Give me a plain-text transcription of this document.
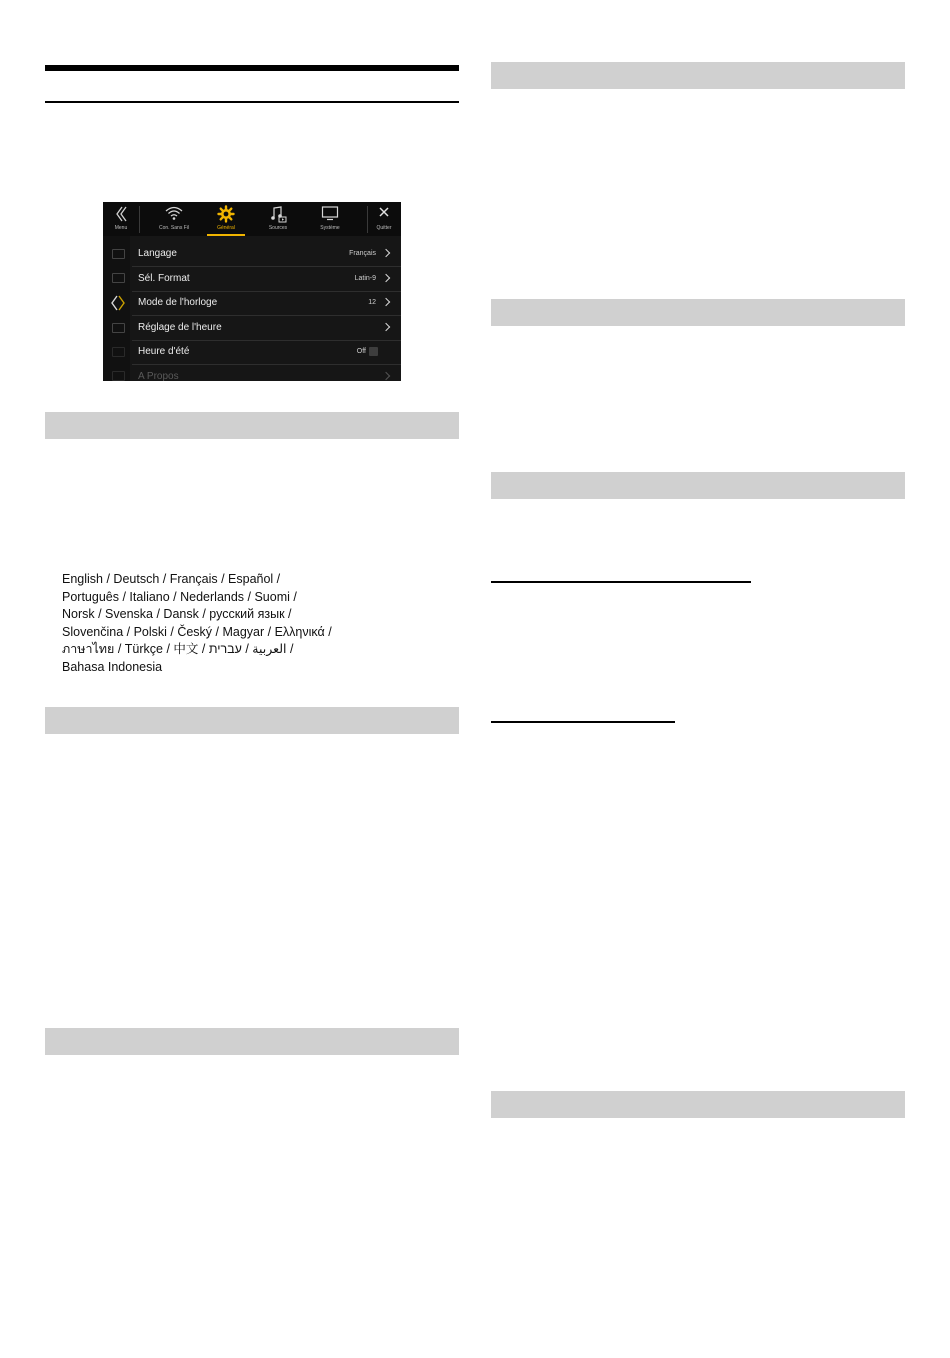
Menu	Con. Sans Fil	Général	Sources	Système	Quitter
Langage	Français
Sél. Format	Latin-9
Mode de l'horloge	12
Réglage de l'heure
Heure d'été	Off
A Propos
English / Deutsch / Français / Español /
Português / Italiano / Nederlands / Suomi /
Norsk / Svenska / Dansk / русский язык /
Slovenčina / Polski / Český / Magyar / Ελληνικά /
ภาษาไทย / Türkçe / 中文 / العربية / עברית /
Bahasa Indonesia
